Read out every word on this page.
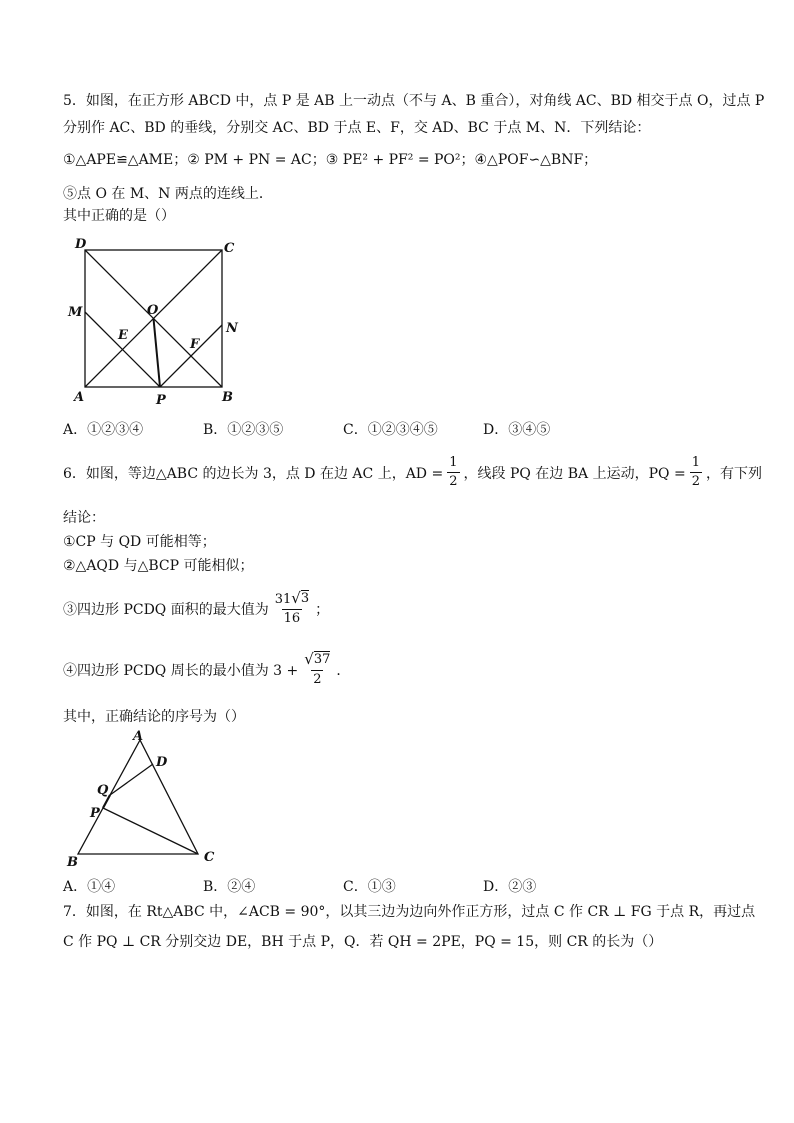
5．如图，在正方形 ABCD 中，点 P 是 AB 上一动点（不与 A、B 重合），对角线 AC、BD 相交于点 O，过点 P

分别作 AC、BD 的垂线，分别交 AC、BD 于点 E、F，交 AD、BC 于点 M、N．下列结论：

①△APE≌△AME；② PM + PN = AC；③ PE² + PF² = PO²；④△POF∽△BNF；

⑤点 O 在 M、N 两点的连线上．

其中正确的是（）

D	C
M	O
N
E
F
A	P	B
A．①②③④	B．①②③⑤	C．①②③④⑤	D．③④⑤
6．如图，等边△ABC 的边长为 3，点 D 在边 AC 上，AD = $\frac{1}{2}$ ，线段 PQ 在边 BA 上运动，PQ = $\frac{1}{2}$ ，有下列

结论：

①CP 与 QD 可能相等；

②△AQD 与△BCP 可能相似；

③四边形 PCDQ 面积的最大值为 $\frac{31 √ 3}{16}$ ；
④四边形 PCDQ 周长的最小值为 $3 + \frac{√ 37}{2}$ ．

其中，正确结论的序号为（）

A
D
Q
P
B	C
A．①④	B．②④	C．①③	D．②③

7．如图，在 Rt△ABC 中，∠ACB = 90°，以其三边为边向外作正方形，过点 C 作 CR ⊥ FG 于点 R，再过点

C 作 PQ ⊥ CR 分别交边 DE，BH 于点 P，Q．若 QH = 2PE，PQ = 15，则 CR 的长为（）
